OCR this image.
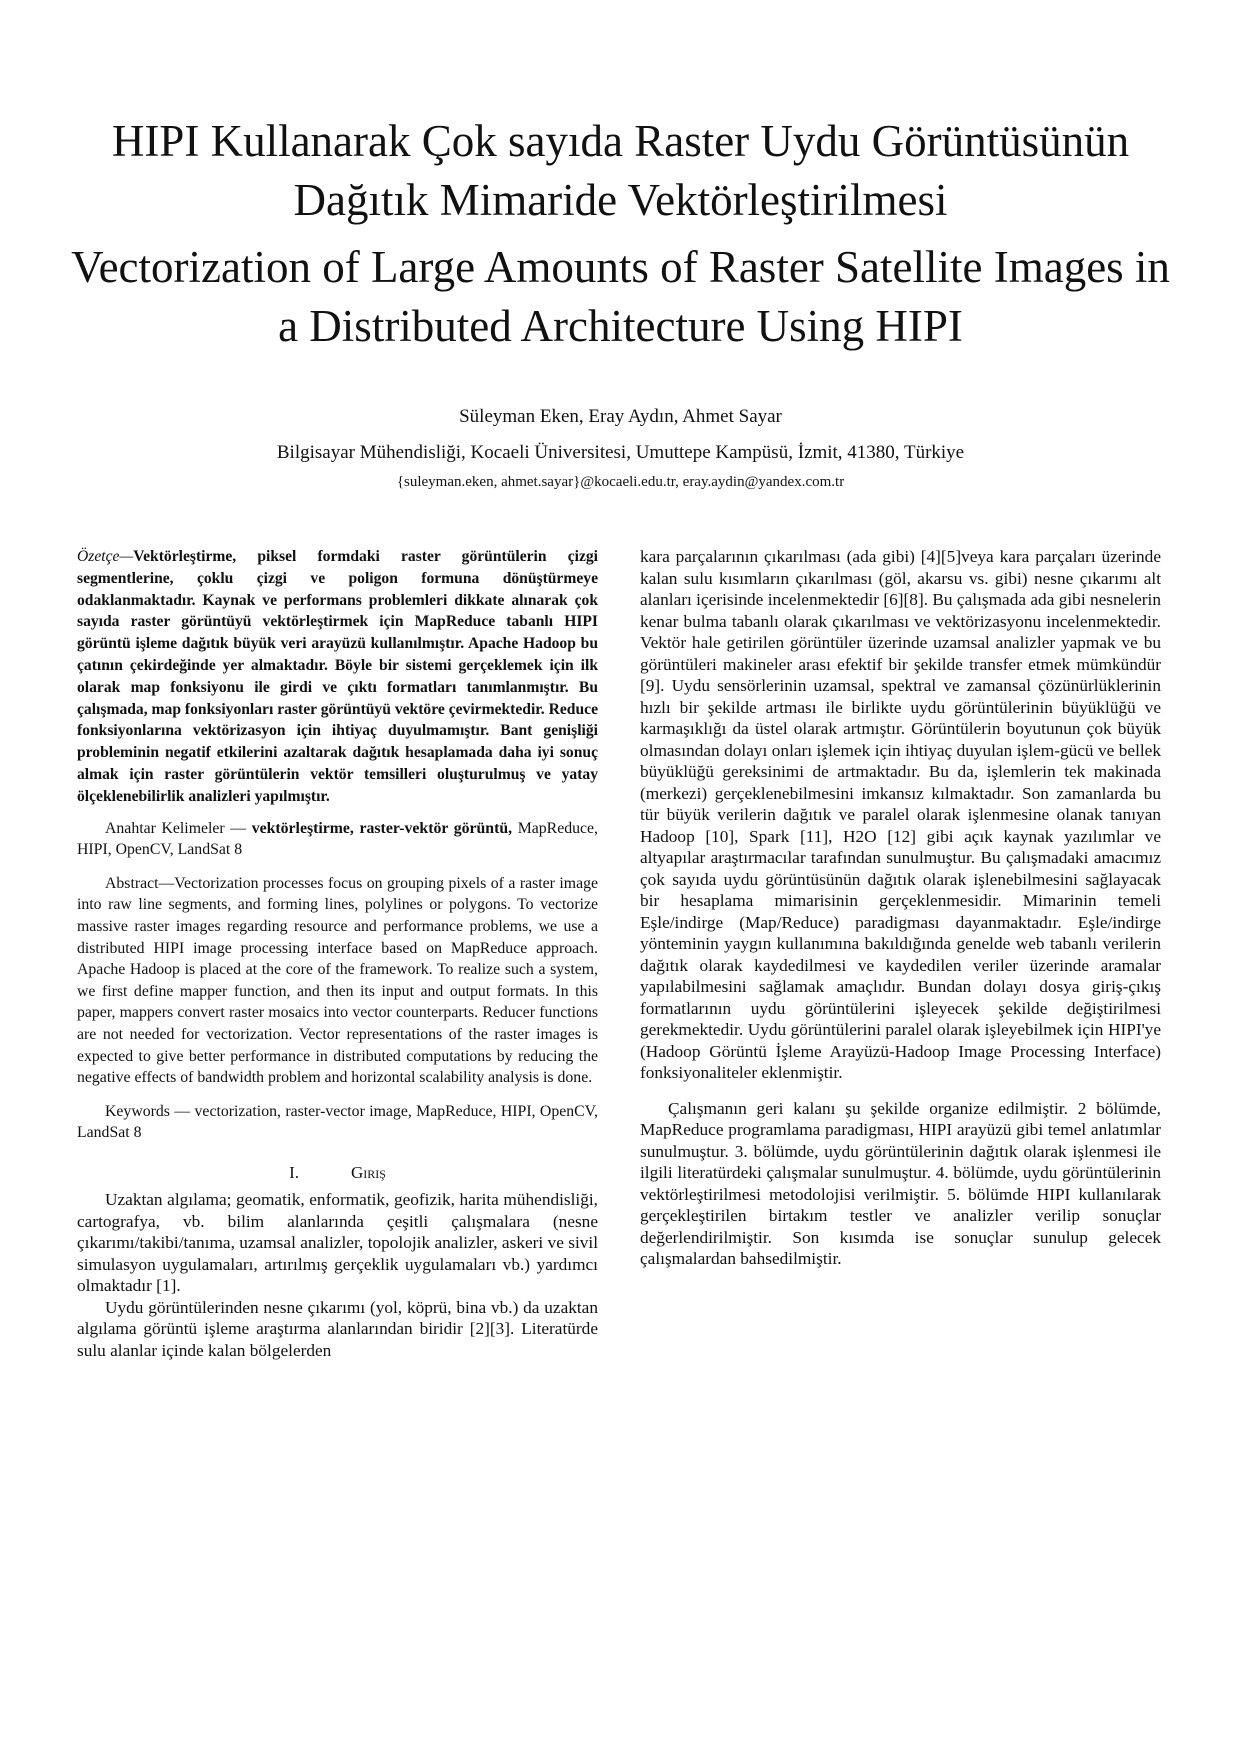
HIPI Kullanarak Çok sayıda Raster Uydu Görüntüsünün Dağıtık Mimaride Vektörleştirilmesi
Vectorization of Large Amounts of Raster Satellite Images in a Distributed Architecture Using HIPI
Süleyman Eken, Eray Aydın, Ahmet Sayar
Bilgisayar Mühendisliği, Kocaeli Üniversitesi, Umuttepe Kampüsü, İzmit, 41380, Türkiye
{suleyman.eken, ahmet.sayar}@kocaeli.edu.tr, eray.aydin@yandex.com.tr

Özetçe—Vektörleştirme, piksel formdaki raster görüntülerin çizgi segmentlerine, çoklu çizgi ve poligon formuna dönüştürmeye odaklanmaktadır. Kaynak ve performans problemleri dikkate alınarak çok sayıda raster görüntüyü vektörleştirmek için MapReduce tabanlı HIPI görüntü işleme dağıtık büyük veri arayüzü kullanılmıştır. Apache Hadoop bu çatının çekirdeğinde yer almaktadır. Böyle bir sistemi gerçeklemek için ilk olarak map fonksiyonu ile girdi ve çıktı formatları tanımlanmıştır. Bu çalışmada, map fonksiyonları raster görüntüyü vektöre çevirmektedir. Reduce fonksiyonlarına vektörizasyon için ihtiyaç duyulmamıştır. Bant genişliği probleminin negatif etkilerini azaltarak dağıtık hesaplamada daha iyi sonuç almak için raster görüntülerin vektör temsilleri oluşturulmuş ve yatay ölçeklenebilirlik analizleri yapılmıştır.

Anahtar Kelimeler — vektörleştirme, raster-vektör görüntü, MapReduce, HIPI, OpenCV, LandSat 8

Abstract—Vectorization processes focus on grouping pixels of a raster image into raw line segments, and forming lines, polylines or polygons. To vectorize massive raster images regarding resource and performance problems, we use a distributed HIPI image processing interface based on MapReduce approach. Apache Hadoop is placed at the core of the framework. To realize such a system, we first define mapper function, and then its input and output formats. In this paper, mappers convert raster mosaics into vector counterparts. Reducer functions are not needed for vectorization. Vector representations of the raster images is expected to give better performance in distributed computations by reducing the negative effects of bandwidth problem and horizontal scalability analysis is done.

Keywords — vectorization, raster-vector image, MapReduce, HIPI, OpenCV, LandSat 8

I.	Giriş

Uzaktan algılama; geomatik, enformatik, geofizik, harita mühendisliği, cartografya, vb. bilim alanlarında çeşitli çalışmalara (nesne çıkarımı/takibi/tanıma, uzamsal analizler, topolojik analizler, askeri ve sivil simulasyon uygulamaları, artırılmış gerçeklik uygulamaları vb.) yardımcı olmaktadır [1].

Uydu görüntülerinden nesne çıkarımı (yol, köprü, bina vb.) da uzaktan algılama görüntü işleme araştırma alanlarından biridir [2][3]. Literatürde sulu alanlar içinde kalan bölgelerden

kara parçalarının çıkarılması (ada gibi) [4][5]veya kara parçaları üzerinde kalan sulu kısımların çıkarılması (göl, akarsu vs. gibi) nesne çıkarımı alt alanları içerisinde incelenmektedir [6][8]. Bu çalışmada ada gibi nesnelerin kenar bulma tabanlı olarak çıkarılması ve vektörizasyonu incelenmektedir. Vektör hale getirilen görüntüler üzerinde uzamsal analizler yapmak ve bu görüntüleri makineler arası efektif bir şekilde transfer etmek mümkündür [9]. Uydu sensörlerinin uzamsal, spektral ve zamansal çözünürlüklerinin hızlı bir şekilde artması ile birlikte uydu görüntülerinin büyüklüğü ve karmaşıklığı da üstel olarak artmıştır. Görüntülerin boyutunun çok büyük olmasından dolayı onları işlemek için ihtiyaç duyulan işlem-gücü ve bellek büyüklüğü gereksinimi de artmaktadır. Bu da, işlemlerin tek makinada (merkezi) gerçeklenebilmesini imkansız kılmaktadır. Son zamanlarda bu tür büyük verilerin dağıtık ve paralel olarak işlenmesine olanak tanıyan Hadoop [10], Spark [11], H2O [12] gibi açık kaynak yazılımlar ve altyapılar araştırmacılar tarafından sunulmuştur. Bu çalışmadaki amacımız çok sayıda uydu görüntüsünün dağıtık olarak işlenebilmesini sağlayacak bir hesaplama mimarisinin gerçeklenmesidir. Mimarinin temeli Eşle/indirge (Map/Reduce) paradigması dayanmaktadır. Eşle/indirge yönteminin yaygın kullanımına bakıldığında genelde web tabanlı verilerin dağıtık olarak kaydedilmesi ve kaydedilen veriler üzerinde aramalar yapılabilmesini sağlamak amaçlıdır. Bundan dolayı dosya giriş-çıkış formatlarının uydu görüntülerini işleyecek şekilde değiştirilmesi gerekmektedir. Uydu görüntülerini paralel olarak işleyebilmek için HIPI'ye (Hadoop Görüntü İşleme Arayüzü-Hadoop Image Processing Interface) fonksiyonaliteler eklenmiştir.

Çalışmanın geri kalanı şu şekilde organize edilmiştir. 2 bölümde, MapReduce programlama paradigması, HIPI arayüzü gibi temel anlatımlar sunulmuştur. 3. bölümde, uydu görüntülerinin dağıtık olarak işlenmesi ile ilgili literatürdeki çalışmalar sunulmuştur. 4. bölümde, uydu görüntülerinin vektörleştirilmesi metodolojisi verilmiştir. 5. bölümde HIPI kullanılarak gerçekleştirilen birtakım testler ve analizler verilip sonuçlar değerlendirilmiştir. Son kısımda ise sonuçlar sunulup gelecek çalışmalardan bahsedilmiştir.
